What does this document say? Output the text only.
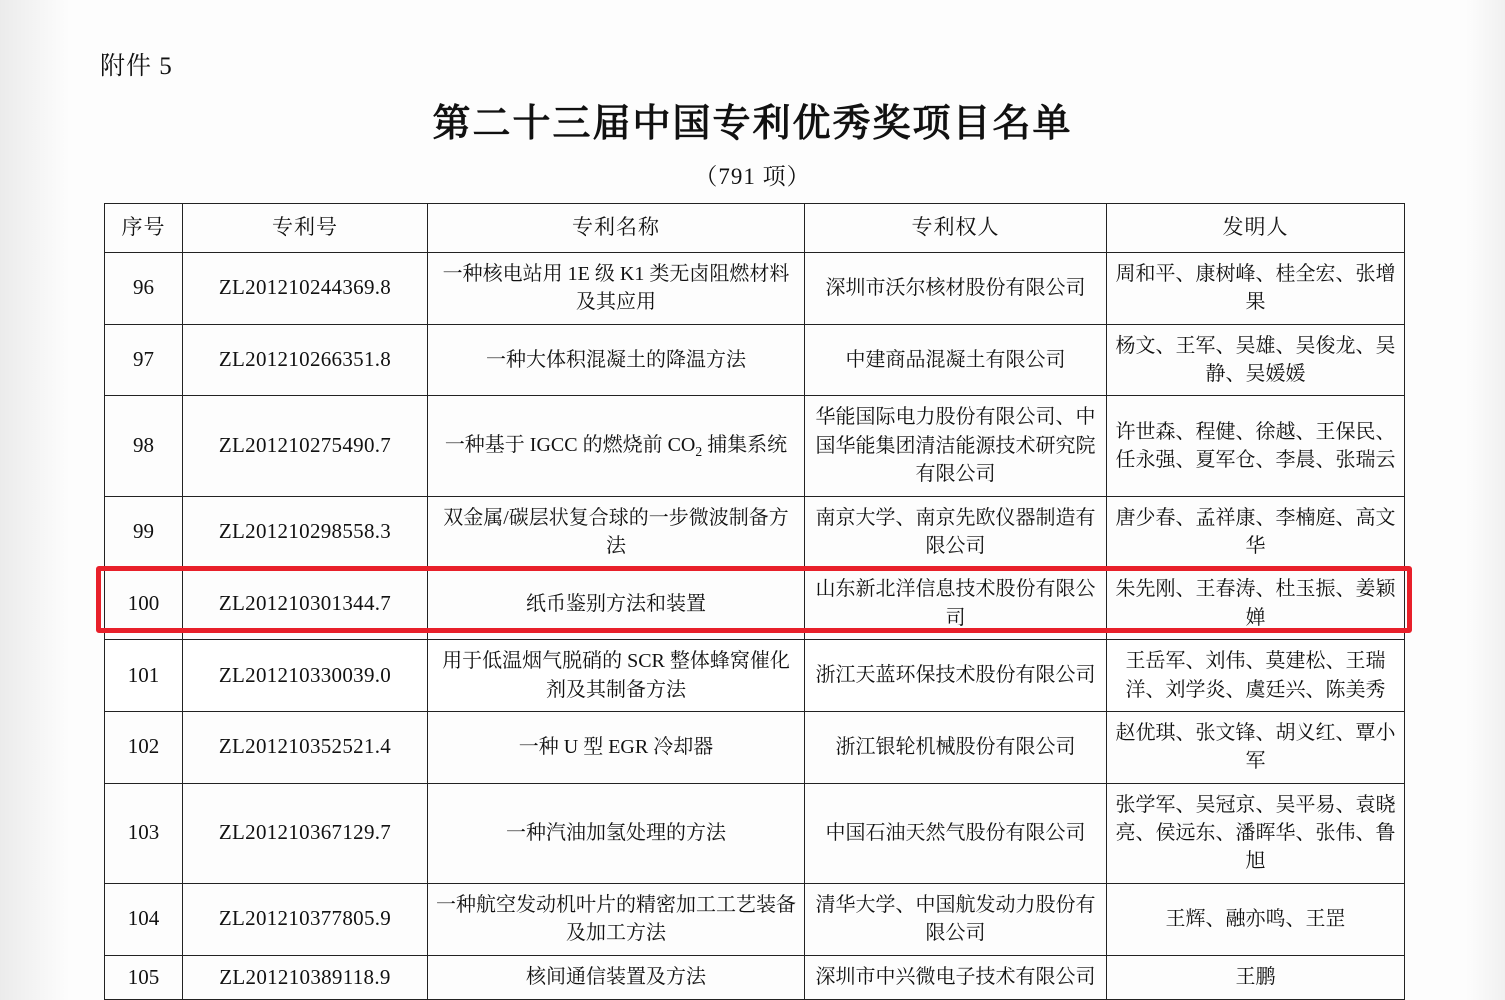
附件 5
第二十三届中国专利优秀奖项目名单
（791 项）
序号	专利号	专利名称	专利权人	发明人
96	ZL201210244369.8	一种核电站用 1E 级 K1 类无卤阻燃材料及其应用	深圳市沃尔核材股份有限公司	周和平、康树峰、桂全宏、张增果
97	ZL201210266351.8	一种大体积混凝土的降温方法	中建商品混凝土有限公司	杨文、王军、吴雄、吴俊龙、吴静、吴媛媛
98	ZL201210275490.7	一种基于 IGCC 的燃烧前 $CO_2$ 捕集系统	华能国际电力股份有限公司、中国华能集团清洁能源技术研究院有限公司	许世森、程健、徐越、王保民、任永强、夏军仓、李晨、张瑞云
99	ZL201210298558.3	双金属/碳层状复合球的一步微波制备方法	南京大学、南京先欧仪器制造有限公司	唐少春、孟祥康、李楠庭、高文华
100	ZL201210301344.7	纸币鉴别方法和装置	山东新北洋信息技术股份有限公司	朱先刚、王春涛、杜玉振、姜颖婵
101	ZL201210330039.0	用于低温烟气脱硝的 SCR 整体蜂窝催化剂及其制备方法	浙江天蓝环保技术股份有限公司	王岳军、刘伟、莫建松、王瑞洋、刘学炎、虞廷兴、陈美秀
102	ZL201210352521.4	一种 U 型 EGR 冷却器	浙江银轮机械股份有限公司	赵优琪、张文锋、胡义红、覃小军
103	ZL201210367129.7	一种汽油加氢处理的方法	中国石油天然气股份有限公司	张学军、吴冠京、吴平易、袁晓亮、侯远东、潘晖华、张伟、鲁旭
104	ZL201210377805.9	一种航空发动机叶片的精密加工工艺装备及加工方法	清华大学、中国航发动力股份有限公司	王辉、融亦鸣、王罡
105	ZL201210389118.9	核间通信装置及方法	深圳市中兴微电子技术有限公司	王鹏
